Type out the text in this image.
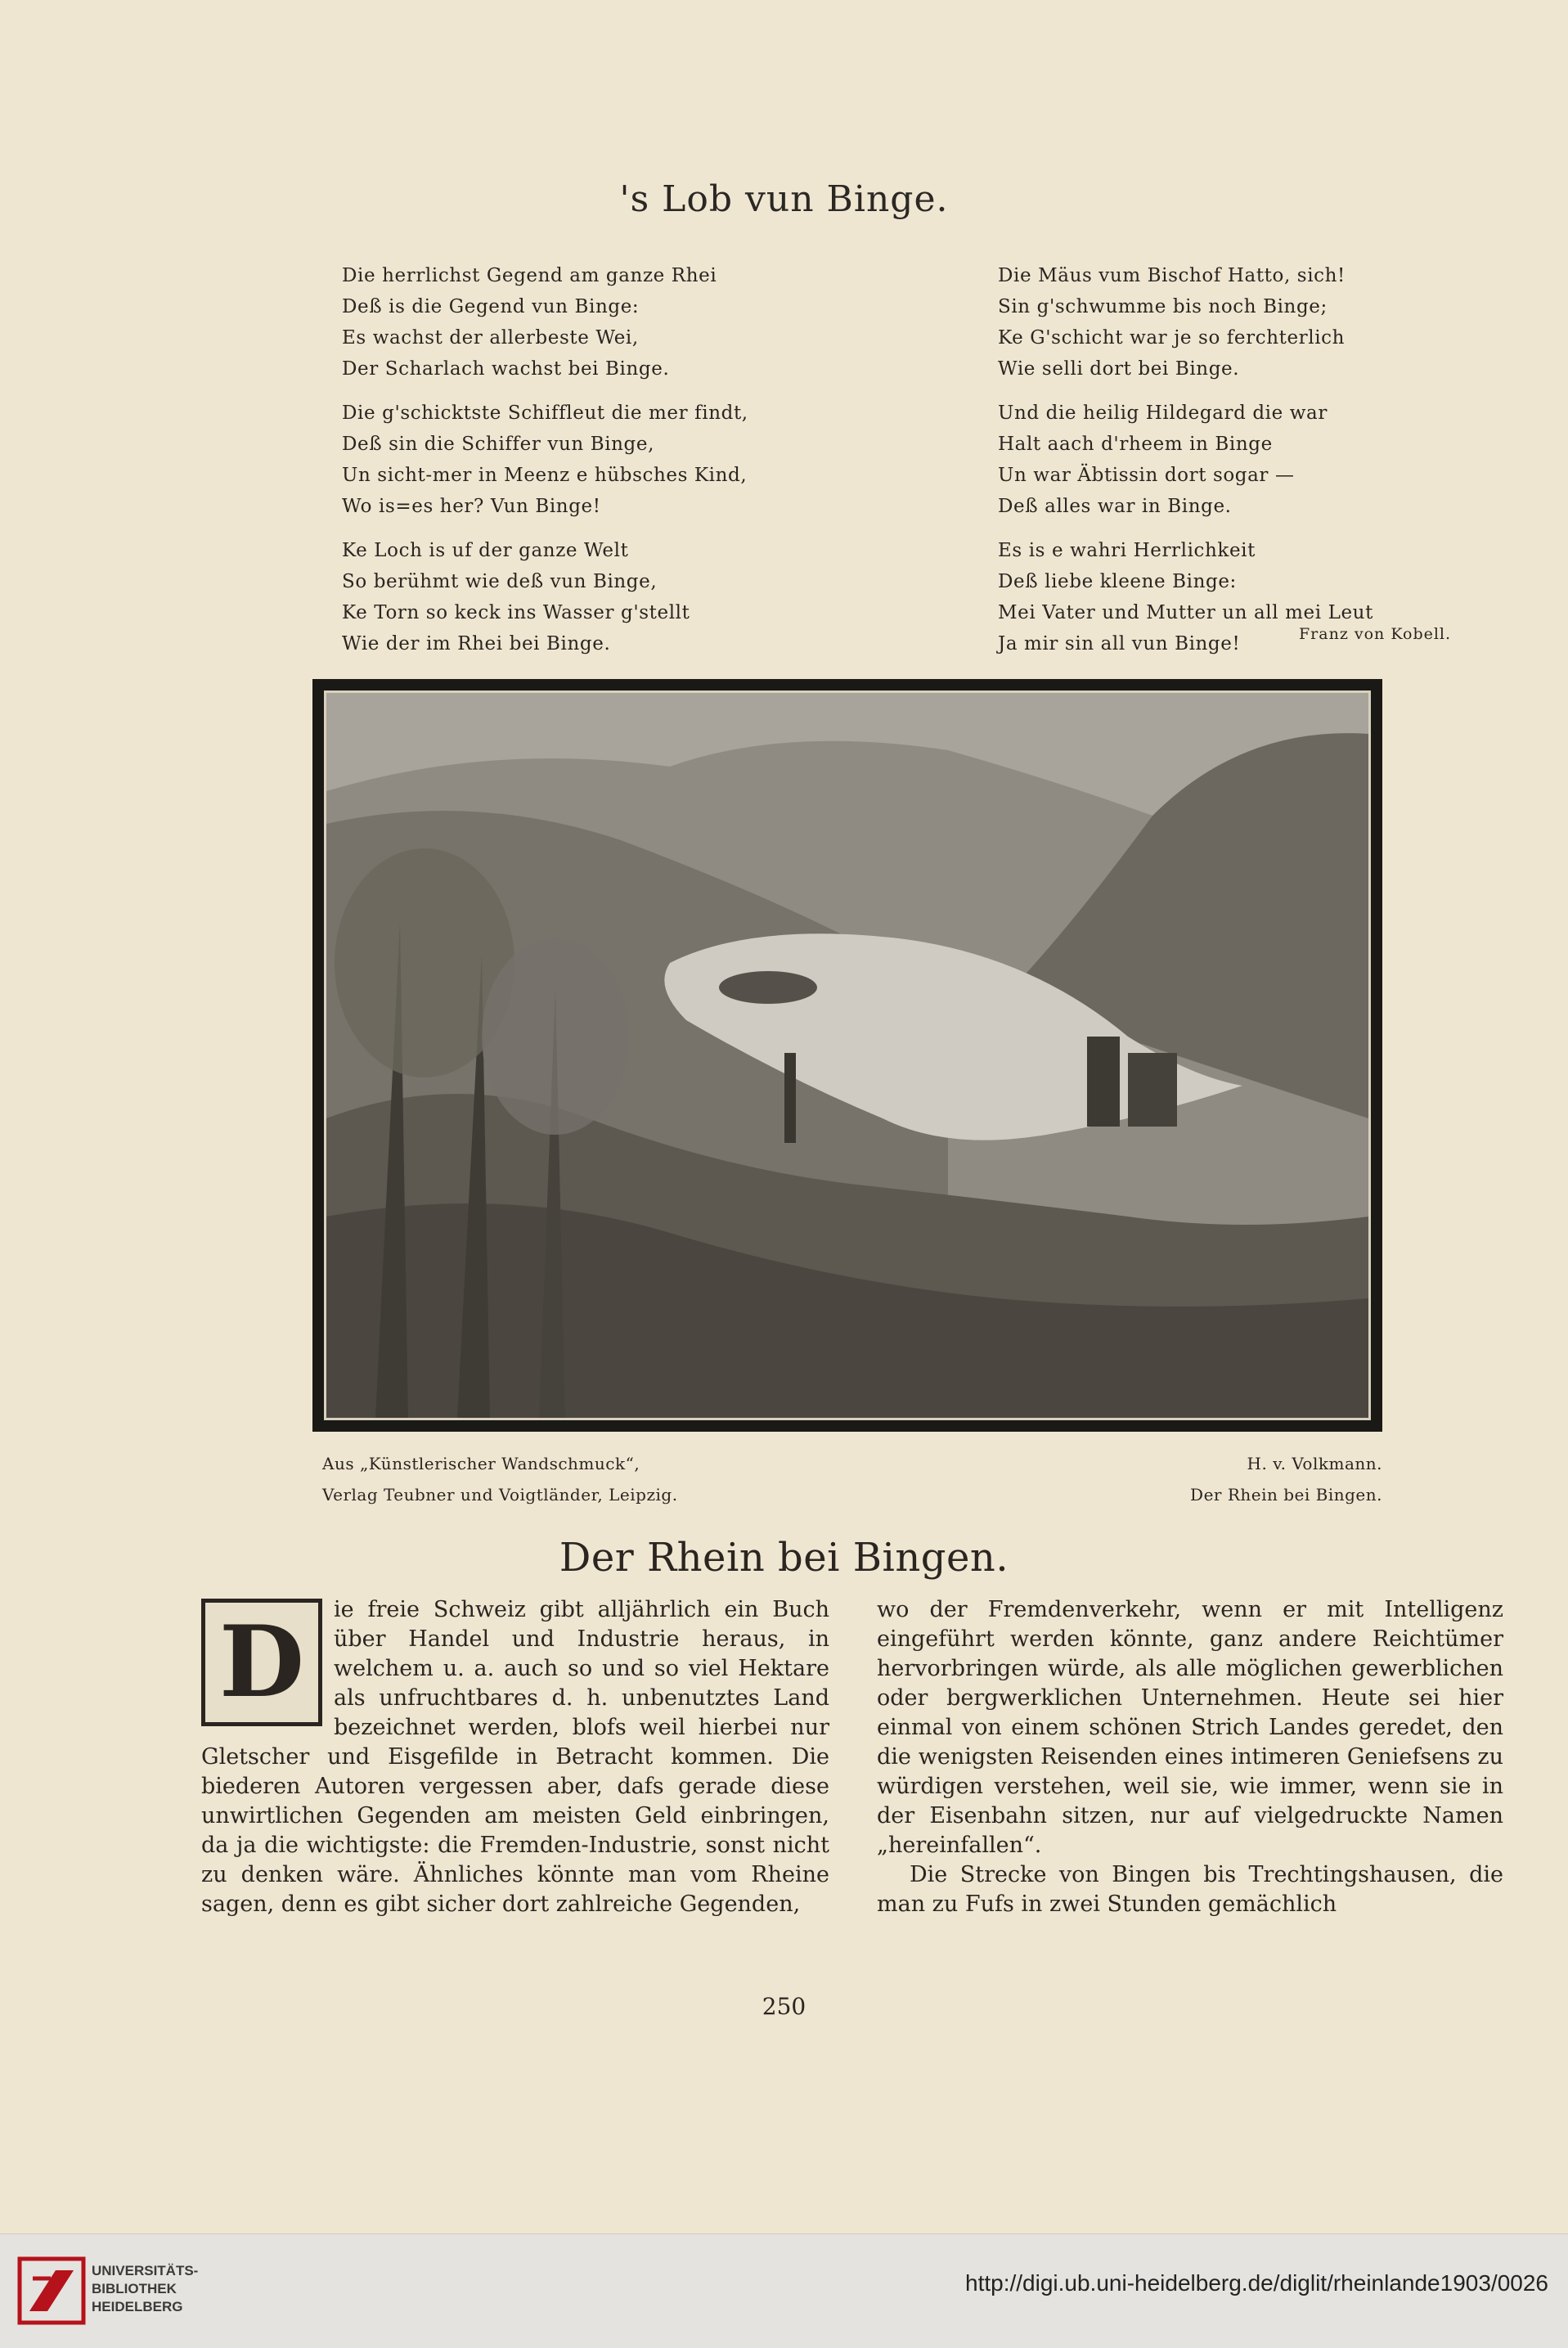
's Lob vun Binge.
Die herrlichst Gegend am ganze Rhei
Deß is die Gegend vun Binge:
Es wachst der allerbeste Wei,
Der Scharlach wachst bei Binge.
Die g'schicktste Schiffleut die mer findt,
Deß sin die Schiffer vun Binge,
Un sicht-mer in Meenz e hübsches Kind,
Wo is=es her? Vun Binge!
Ke Loch is uf der ganze Welt
So berühmt wie deß vun Binge,
Ke Torn so keck ins Wasser g'stellt
Wie der im Rhei bei Binge.
Die Mäus vum Bischof Hatto, sich!
Sin g'schwumme bis noch Binge;
Ke G'schicht war je so ferchterlich
Wie selli dort bei Binge.
Und die heilig Hildegard die war
Halt aach d'rheem in Binge
Un war Äbtissin dort sogar —
Deß alles war in Binge.
Es is e wahri Herrlichkeit
Deß liebe kleene Binge:
Mei Vater und Mutter un all mei Leut
Ja mir sin all vun Binge!	Franz von Kobell.
Aus „Künstlerischer Wandschmuck“,
Verlag Teubner und Voigtländer, Leipzig.
H. v. Volkmann.
Der Rhein bei Bingen.
Der Rhein bei Bingen.
D	ie freie Schweiz gibt alljährlich ein Buch über Handel und Industrie heraus, in welchem u. a. auch so und so viel Hektare als unfruchtbares d. h. unbenutztes Land bezeichnet werden, blofs weil hierbei nur Gletscher und Eisgefilde in Betracht kommen. Die biederen Autoren vergessen aber, dafs gerade diese unwirtlichen Gegenden am meisten Geld einbringen, da ja die wichtigste: die Fremden-Industrie, sonst nicht zu denken wäre. Ähnliches könnte man vom Rheine sagen, denn es gibt sicher dort zahlreiche Gegenden,

wo der Fremdenverkehr, wenn er mit Intelligenz eingeführt werden könnte, ganz andere Reichtümer hervorbringen würde, als alle möglichen gewerblichen oder bergwerklichen Unternehmen. Heute sei hier einmal von einem schönen Strich Landes geredet, den die wenigsten Reisenden eines intimeren Geniefsens zu würdigen verstehen, weil sie, wie immer, wenn sie in der Eisenbahn sitzen, nur auf vielgedruckte Namen „hereinfallen“.

Die Strecke von Bingen bis Trechtingshausen, die man zu Fufs in zwei Stunden gemächlich

250
UNIVERSITÄTS-
BIBLIOTHEK
HEIDELBERG
http://digi.ub.uni-heidelberg.de/diglit/rheinlande1903/0026
